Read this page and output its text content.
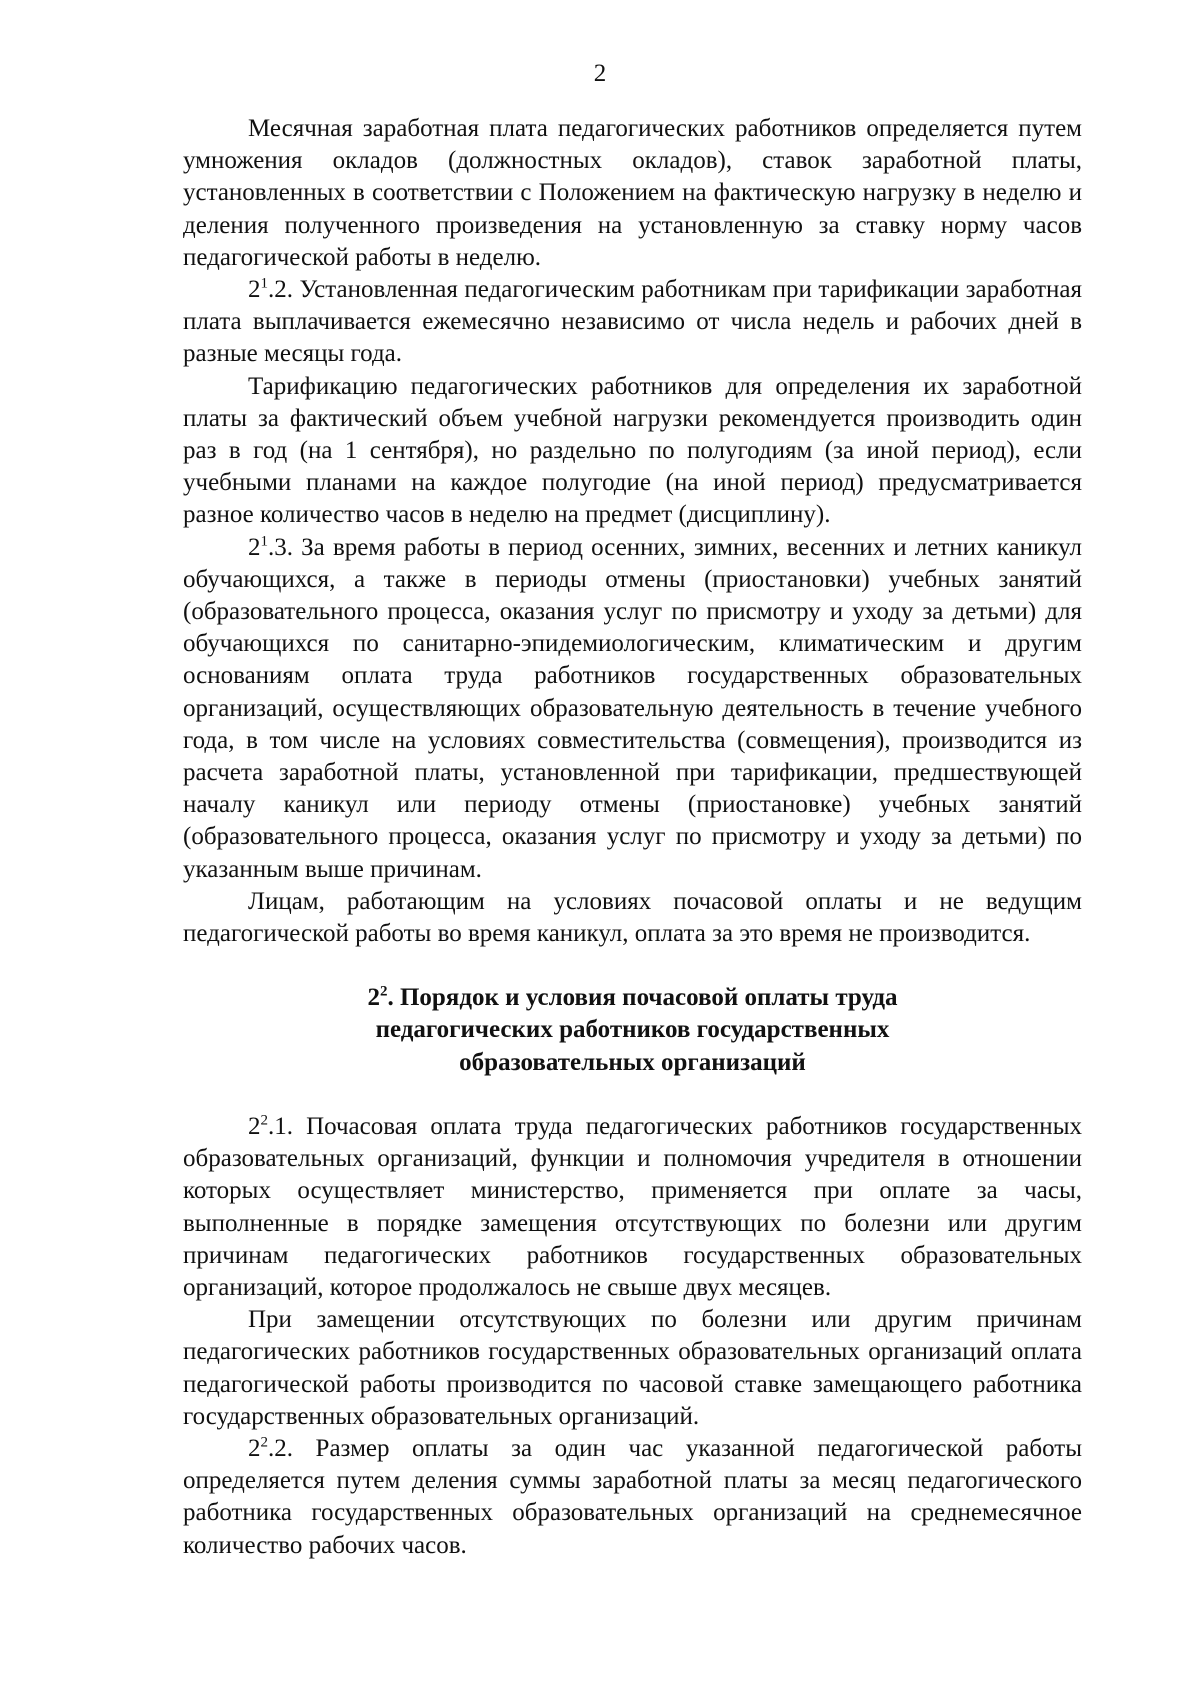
2

Месячная заработная плата педагогических работников определяется путем умножения окладов (должностных окладов), ставок заработной платы, установленных в соответствии с Положением на фактическую нагрузку в неделю и деления полученного произведения на установленную за ставку норму часов педагогической работы в неделю.

$2^1.2$. Установленная педагогическим работникам при тарификации заработная плата выплачивается ежемесячно независимо от числа недель и рабочих дней в разные месяцы года.

Тарификацию педагогических работников для определения их заработной платы за фактический объем учебной нагрузки рекомендуется производить один раз в год (на 1 сентября), но раздельно по полугодиям (за иной период), если учебными планами на каждое полугодие (на иной период) предусматривается разное количество часов в неделю на предмет (дисциплину).

$2^1.3$. За время работы в период осенних, зимних, весенних и летних каникул обучающихся, а также в периоды отмены (приостановки) учебных занятий (образовательного процесса, оказания услуг по присмотру и уходу за детьми) для обучающихся по санитарно-эпидемиологическим, климатическим и другим основаниям оплата труда работников государственных образовательных организаций, осуществляющих образовательную деятельность в течение учебного года, в том числе на условиях совместительства (совмещения), производится из расчета заработной платы, установленной при тарификации, предшествующей началу каникул или периоду отмены (приостановке) учебных занятий (образовательного процесса, оказания услуг по присмотру и уходу за детьми) по указанным выше причинам.

Лицам, работающим на условиях почасовой оплаты и не ведущим педагогической работы во время каникул, оплата за это время не производится.

$2^2$. Порядок и условия почасовой оплаты труда
педагогических работников государственных
образовательных организаций

$2^2.1$. Почасовая оплата труда педагогических работников государственных образовательных организаций, функции и полномочия учредителя в отношении которых осуществляет министерство, применяется при оплате за часы, выполненные в порядке замещения отсутствующих по болезни или другим причинам педагогических работников государственных образовательных организаций, которое продолжалось не свыше двух месяцев.

При замещении отсутствующих по болезни или другим причинам педагогических работников государственных образовательных организаций оплата педагогической работы производится по часовой ставке замещающего работника государственных образовательных организаций.

$2^2.2$. Размер оплаты за один час указанной педагогической работы определяется путем деления суммы заработной платы за месяц педагогического работника государственных образовательных организаций на среднемесячное количество рабочих часов.
